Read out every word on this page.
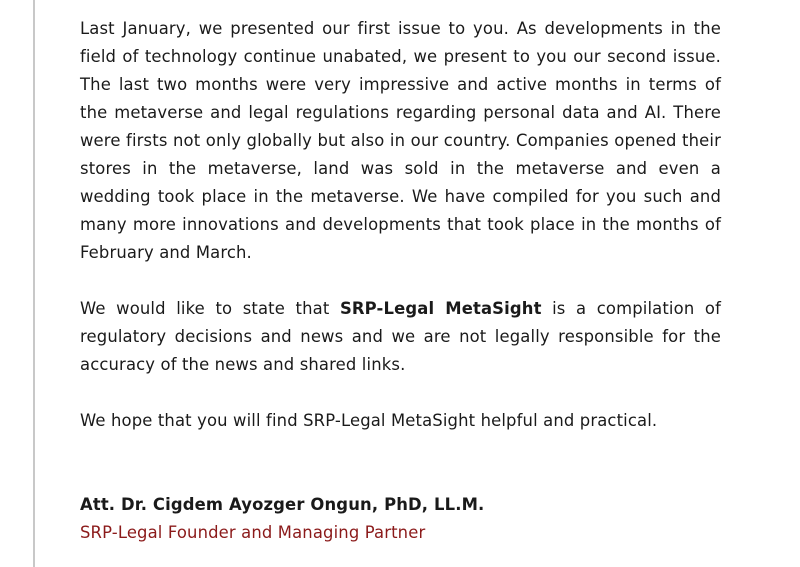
Last January, we presented our first issue to you. As developments in the field of technology continue unabated, we present to you our second issue. The last two months were very impressive and active months in terms of the metaverse and legal regulations regarding personal data and AI. There were firsts not only globally but also in our country. Companies opened their stores in the metaverse, land was sold in the metaverse and even a wedding took place in the metaverse. We have compiled for you such and many more innovations and developments that took place in the months of February and March.

We would like to state that SRP-Legal MetaSight is a compilation of regulatory decisions and news and we are not legally responsible for the accuracy of the news and shared links.

We hope that you will find SRP-Legal MetaSight helpful and practical.

Att. Dr. Cigdem Ayozger Ongun, PhD, LL.M.
SRP-Legal Founder and Managing Partner
